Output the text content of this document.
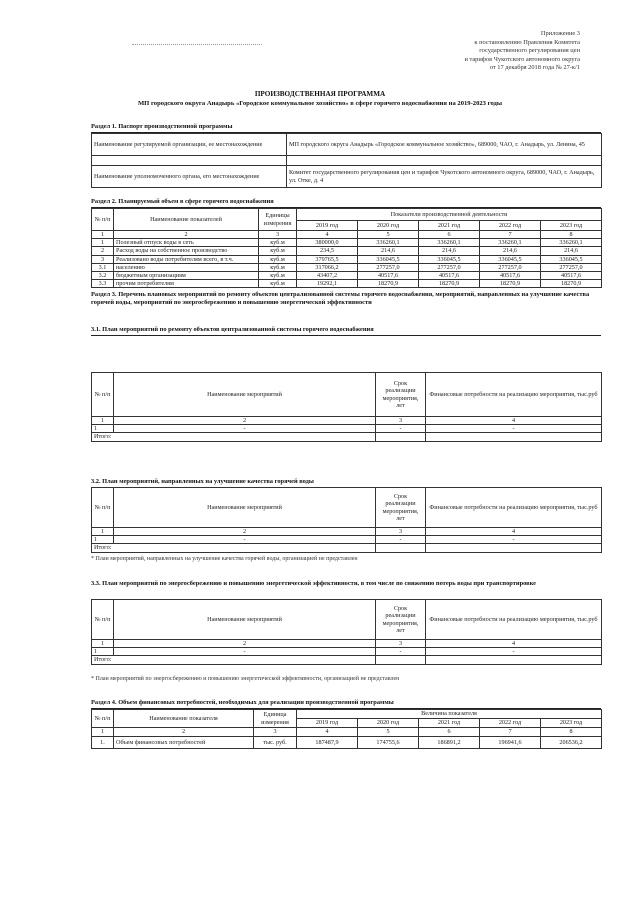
Приложение 3
к постановлению Правления Комитета
государственного регулирования цен
и тарифов Чукотского автономного округа
от 17 декабря 2018 года № 27-к/1
ПРОИЗВОДСТВЕННАЯ ПРОГРАММА
МП городского округа Анадырь «Городское коммунальное хозяйство» в сфере горячего водоснабжения на 2019-2023 годы
Раздел 1. Паспорт производственной программы
Наименование регулируемой организации, ее местонахождение	МП городского округа Анадырь «Городское коммунальное хозяйство», 689000, ЧАО, г. Анадырь, ул. Ленина, 45

Наименование уполномоченного органа, его местонахождение	Комитет государственного регулирования цен и тарифов Чукотского автономного округа, 689000, ЧАО, г. Анадырь, ул. Отке, д. 4
Раздел 2. Планируемый объем в сфере горячего водоснабжения
№ п/п	Наименование показателей	Единицы измерения	Показатели производственной деятельности				
			2019 год	2020 год	2021 год	2022 год	2023 год
1	2	3	4	5	6	7	8
1	Полезный отпуск воды в сеть	куб.м	380000,0	336260,1	336260,1	336260,1	336260,1
2	Расход воды на собственное производство	куб.м	234,5	214,6	214,6	214,6	214,6
3	Реализовано воды потребителям всего, в т.ч.	куб.м	379765,5	336045,5	336045,5	336045,5	336045,5
3.1	населению	куб.м	317066,2	277257,0	277257,0	277257,0	277257,0
3.2	бюджетным организациям	куб.м	43407,2	40517,6	40517,6	40517,6	40517,6
3.3	прочим потребителям	куб.м	19292,1	18270,9	18270,9	18270,9	18270,9
Раздел 3. Перечень плановых мероприятий по ремонту объектов централизованной системы горячего водоснабжения, мероприятий, направленных на улучшение качества горячей воды, мероприятий по энергосбережению и повышению энергетической эффективности
3.1. План мероприятий по ремонту объектов централизованной системы горячего водоснабжения
№ п/п	Наименование мероприятий	Срок реализации мероприятия, лет	Финансовые потребности на реализацию мероприятия, тыс.руб
1	2	3	4
1	-	-	-
Итого:			
3.2. План мероприятий, направленных на улучшение качества горячей воды
№ п/п	Наименование мероприятий	Срок реализации мероприятия, лет	Финансовые потребности на реализацию мероприятия, тыс.руб
1	2	3	4
1	-	-	-
Итого:			
* План мероприятий, направленных на улучшение качества горячей воды, организацией не представлен
3.3. План мероприятий по энергосбережению и повышению энергетической эффективности, в том числе по снижению потерь воды при транспортировке
№ п/п	Наименование мероприятий	Срок реализации мероприятия, лет	Финансовые потребности на реализацию мероприятия, тыс.руб
1	2	3	4
1	-	-	-
Итого:			
* План мероприятий по энергосбережению и повышению энергетической эффективности, организацией не представлен
Раздел 4. Объем финансовых потребностей, необходимых для реализации производственной программы
№ п/п	Наименование показателя	Единица измерения	Величина показателя				
			2019 год	2020 год	2021 год	2022 год	2023 год
1	2	3	4	5	6	7	8
1.	Объем финансовых потребностей	тыс. руб.	187487,9	174755,6	186891,2	196941,6	206536,2
